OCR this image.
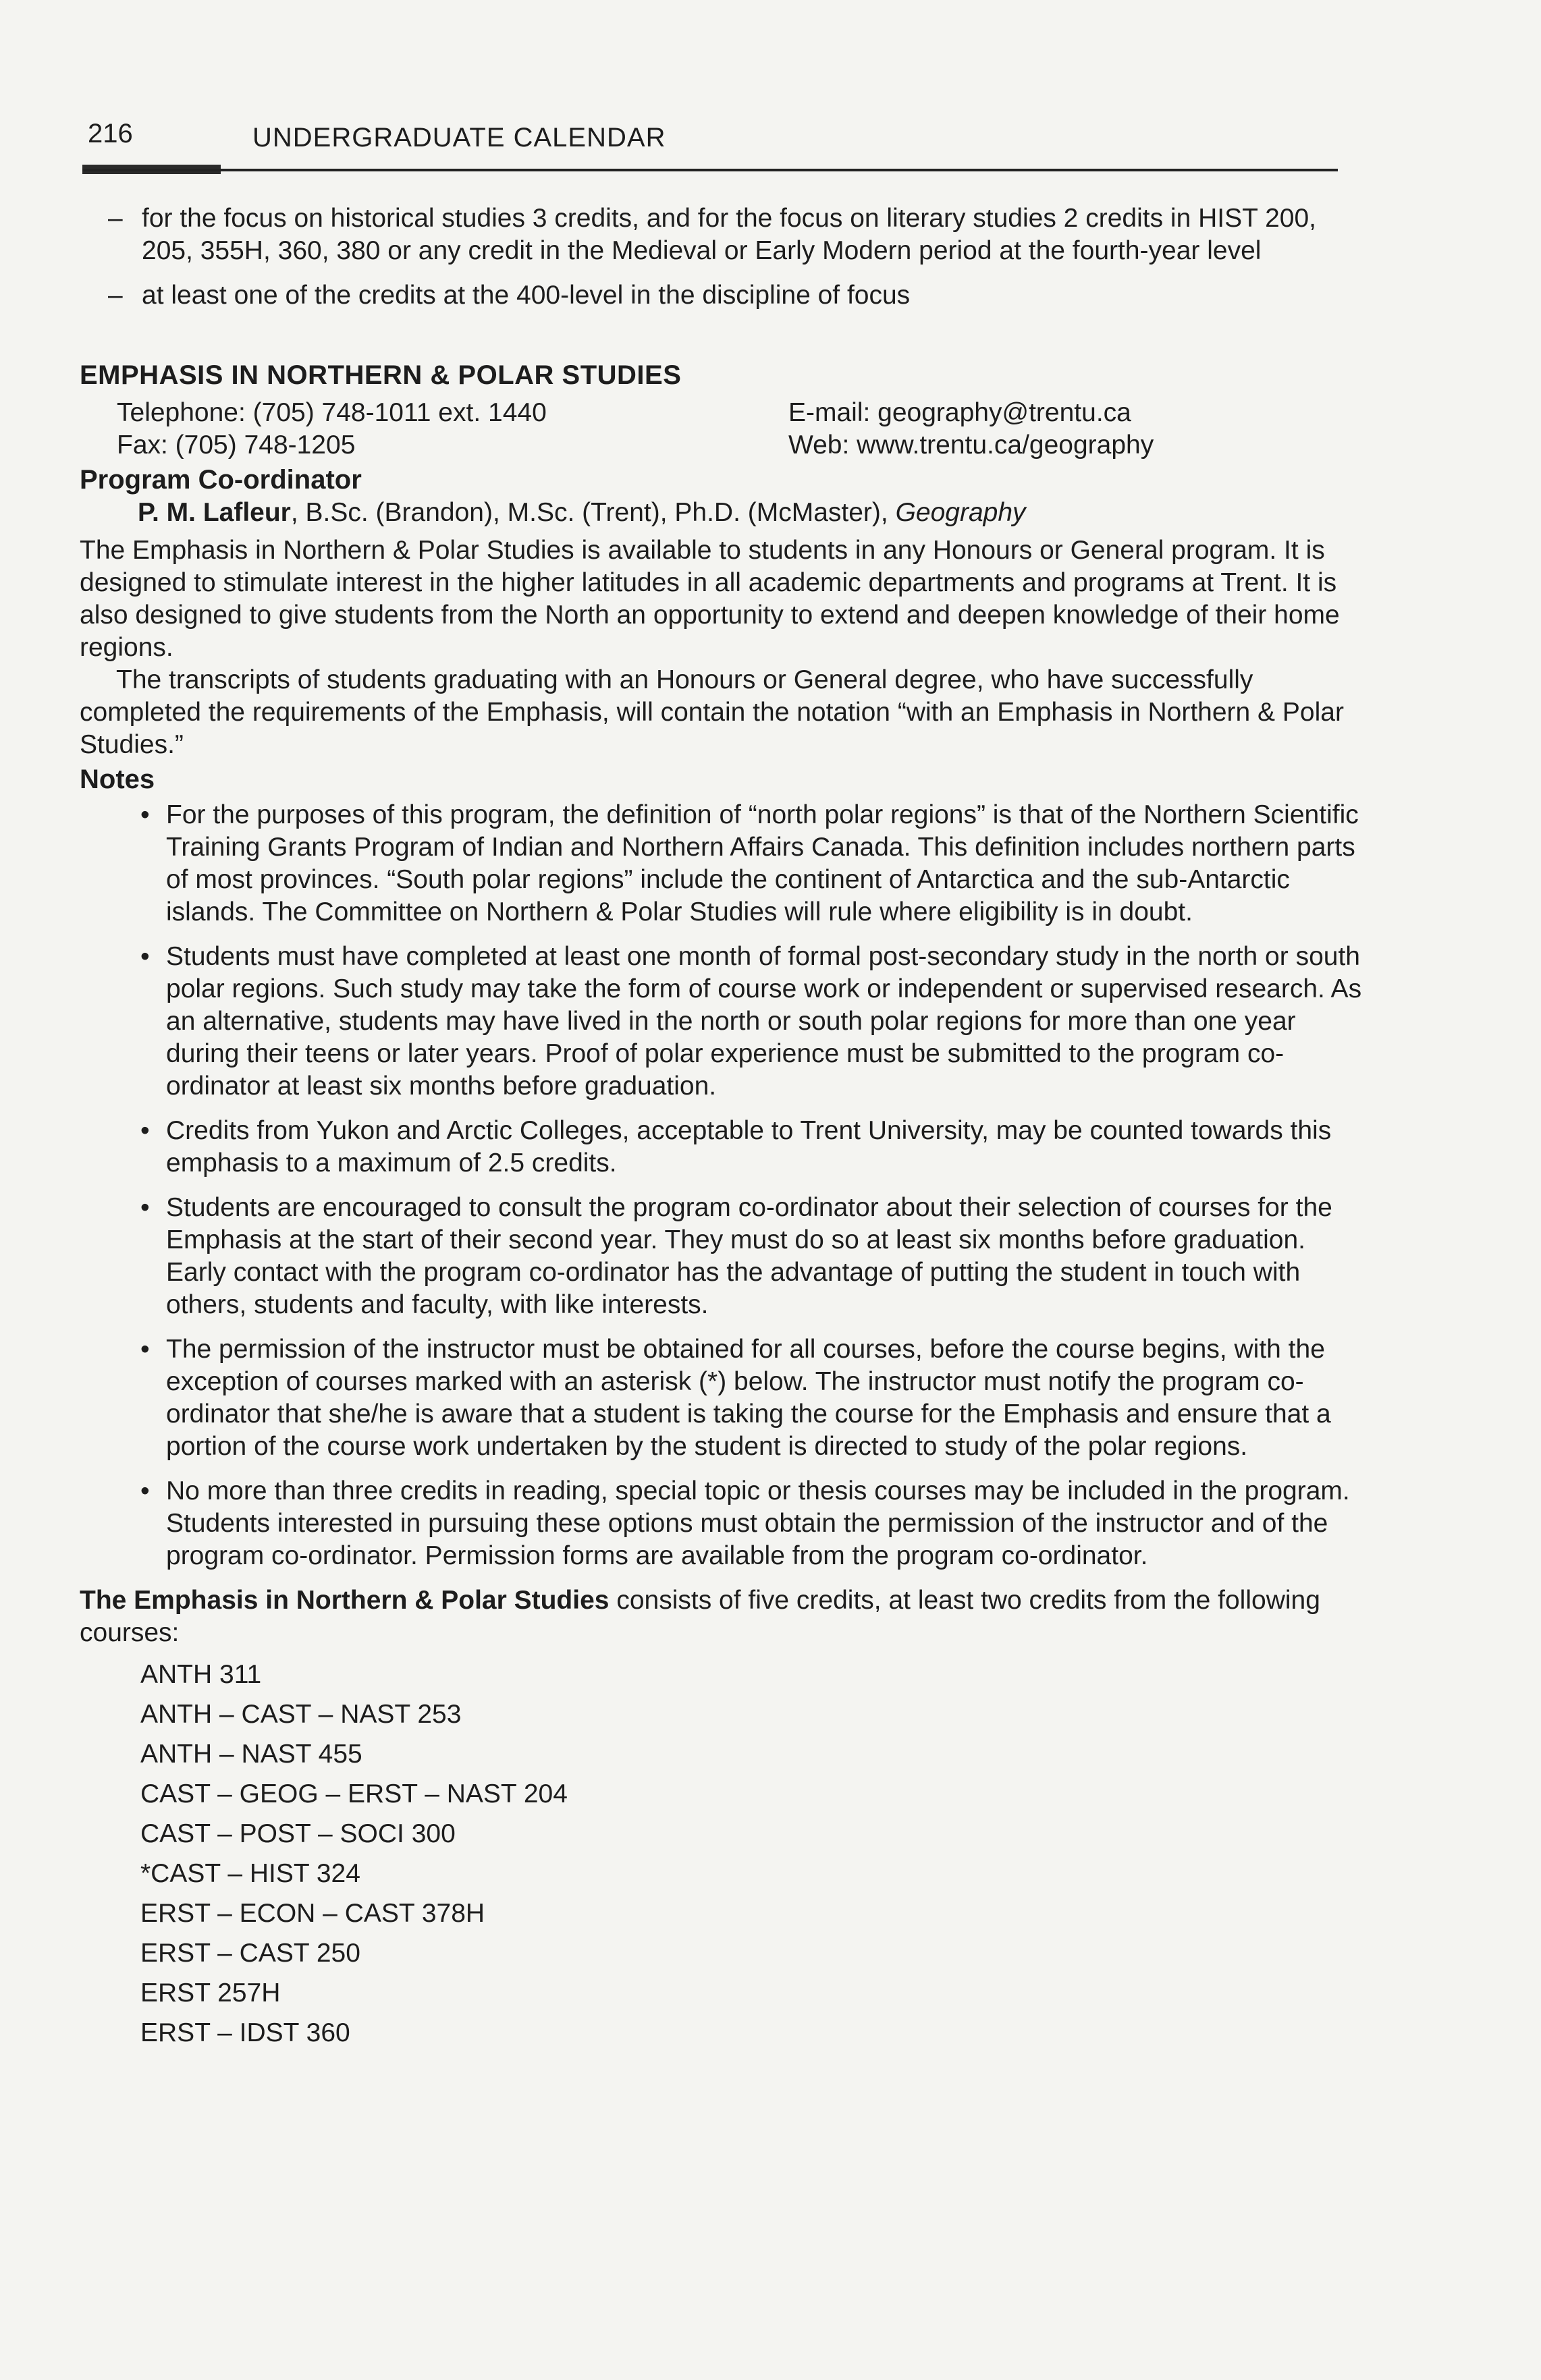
216	UNDERGRADUATE CALENDAR
– for the focus on historical studies 3 credits, and for the focus on literary studies 2 credits in HIST 200, 205, 355H, 360, 380 or any credit in the Medieval or Early Modern period at the fourth-year level
– at least one of the credits at the 400-level in the discipline of focus
EMPHASIS IN NORTHERN & POLAR STUDIES
Telephone: (705) 748-1011 ext. 1440
Fax: (705) 748-1205
E-mail: geography@trentu.ca
Web: www.trentu.ca/geography
Program Co-ordinator
P. M. Lafleur, B.Sc. (Brandon), M.Sc. (Trent), Ph.D. (McMaster), Geography

The Emphasis in Northern & Polar Studies is available to students in any Honours or General program. It is designed to stimulate interest in the higher latitudes in all academic departments and programs at Trent. It is also designed to give students from the North an opportunity to extend and deepen knowledge of their home regions.

The transcripts of students graduating with an Honours or General degree, who have successfully completed the requirements of the Emphasis, will contain the notation “with an Emphasis in Northern & Polar Studies.”

Notes
• For the purposes of this program, the definition of “north polar regions” is that of the Northern Scientific Training Grants Program of Indian and Northern Affairs Canada. This definition includes northern parts of most provinces. “South polar regions” include the continent of Antarctica and the sub-Antarctic islands. The Committee on Northern & Polar Studies will rule where eligibility is in doubt.
• Students must have completed at least one month of formal post-secondary study in the north or south polar regions. Such study may take the form of course work or independent or supervised research. As an alternative, students may have lived in the north or south polar regions for more than one year during their teens or later years. Proof of polar experience must be submitted to the program co-ordinator at least six months before graduation.
• Credits from Yukon and Arctic Colleges, acceptable to Trent University, may be counted towards this emphasis to a maximum of 2.5 credits.
• Students are encouraged to consult the program co-ordinator about their selection of courses for the Emphasis at the start of their second year. They must do so at least six months before graduation. Early contact with the program co-ordinator has the advantage of putting the student in touch with others, students and faculty, with like interests.
• The permission of the instructor must be obtained for all courses, before the course begins, with the exception of courses marked with an asterisk (*) below. The instructor must notify the program co-ordinator that she/he is aware that a student is taking the course for the Emphasis and ensure that a portion of the course work undertaken by the student is directed to study of the polar regions.
• No more than three credits in reading, special topic or thesis courses may be included in the program. Students interested in pursuing these options must obtain the permission of the instructor and of the program co-ordinator. Permission forms are available from the program co-ordinator.
The Emphasis in Northern & Polar Studies consists of five credits, at least two credits from the following courses:
ANTH 311
ANTH – CAST – NAST 253
ANTH – NAST 455
CAST – GEOG – ERST – NAST 204
CAST – POST – SOCI 300
*CAST – HIST 324
ERST – ECON – CAST 378H
ERST – CAST 250
ERST 257H
ERST – IDST 360
